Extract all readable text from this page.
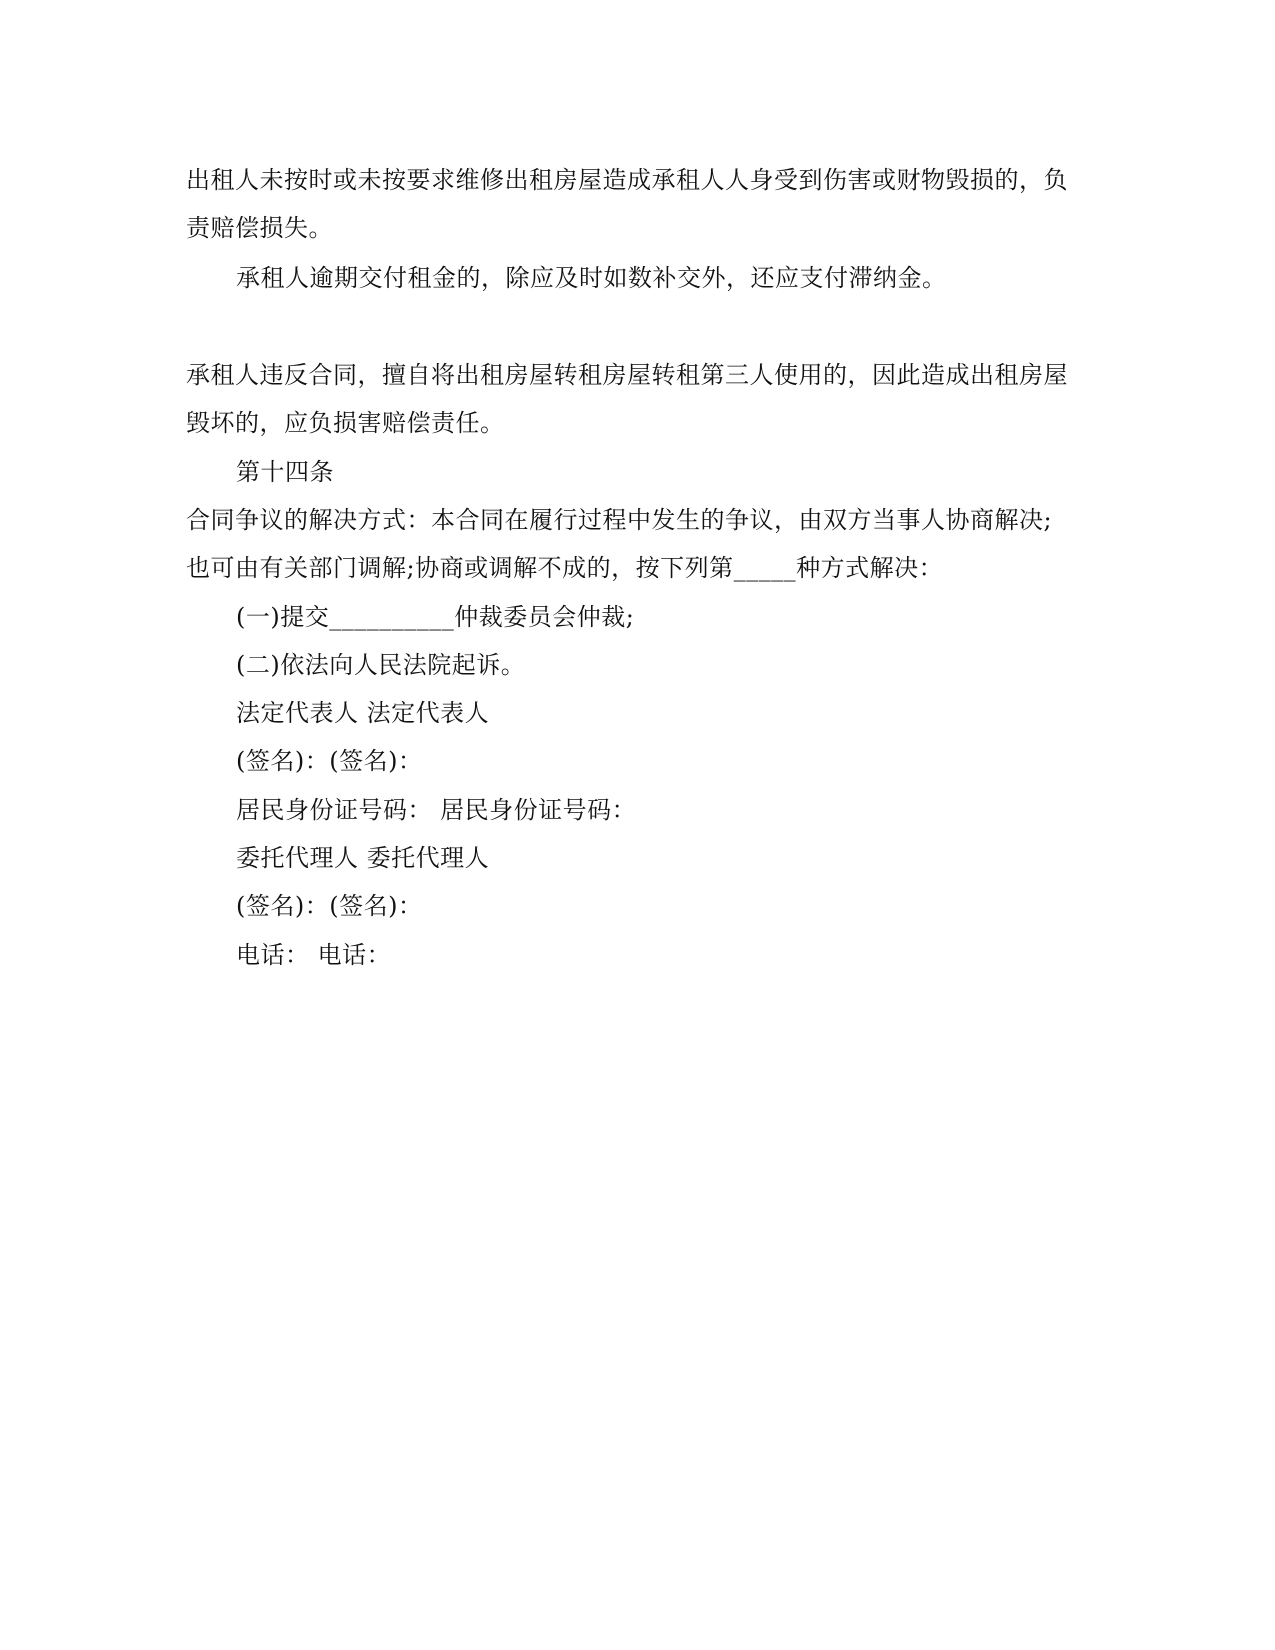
出租人未按时或未按要求维修出租房屋造成承租人人身受到伤害或财物毁损的，负
责赔偿损失。
承租人逾期交付租金的，除应及时如数补交外，还应支付滞纳金。
承租人违反合同，擅自将出租房屋转租房屋转租第三人使用的，因此造成出租房屋
毁坏的，应负损害赔偿责任。
第十四条
合同争议的解决方式：本合同在履行过程中发生的争议，由双方当事人协商解决;
也可由有关部门调解;协商或调解不成的，按下列第_____种方式解决：
(一)提交__________仲裁委员会仲裁;
(二)依法向人民法院起诉。
法定代表人 法定代表人
(签名)：(签名)：
居民身份证号码： 居民身份证号码：
委托代理人 委托代理人
(签名)：(签名)：
电话： 电话：
